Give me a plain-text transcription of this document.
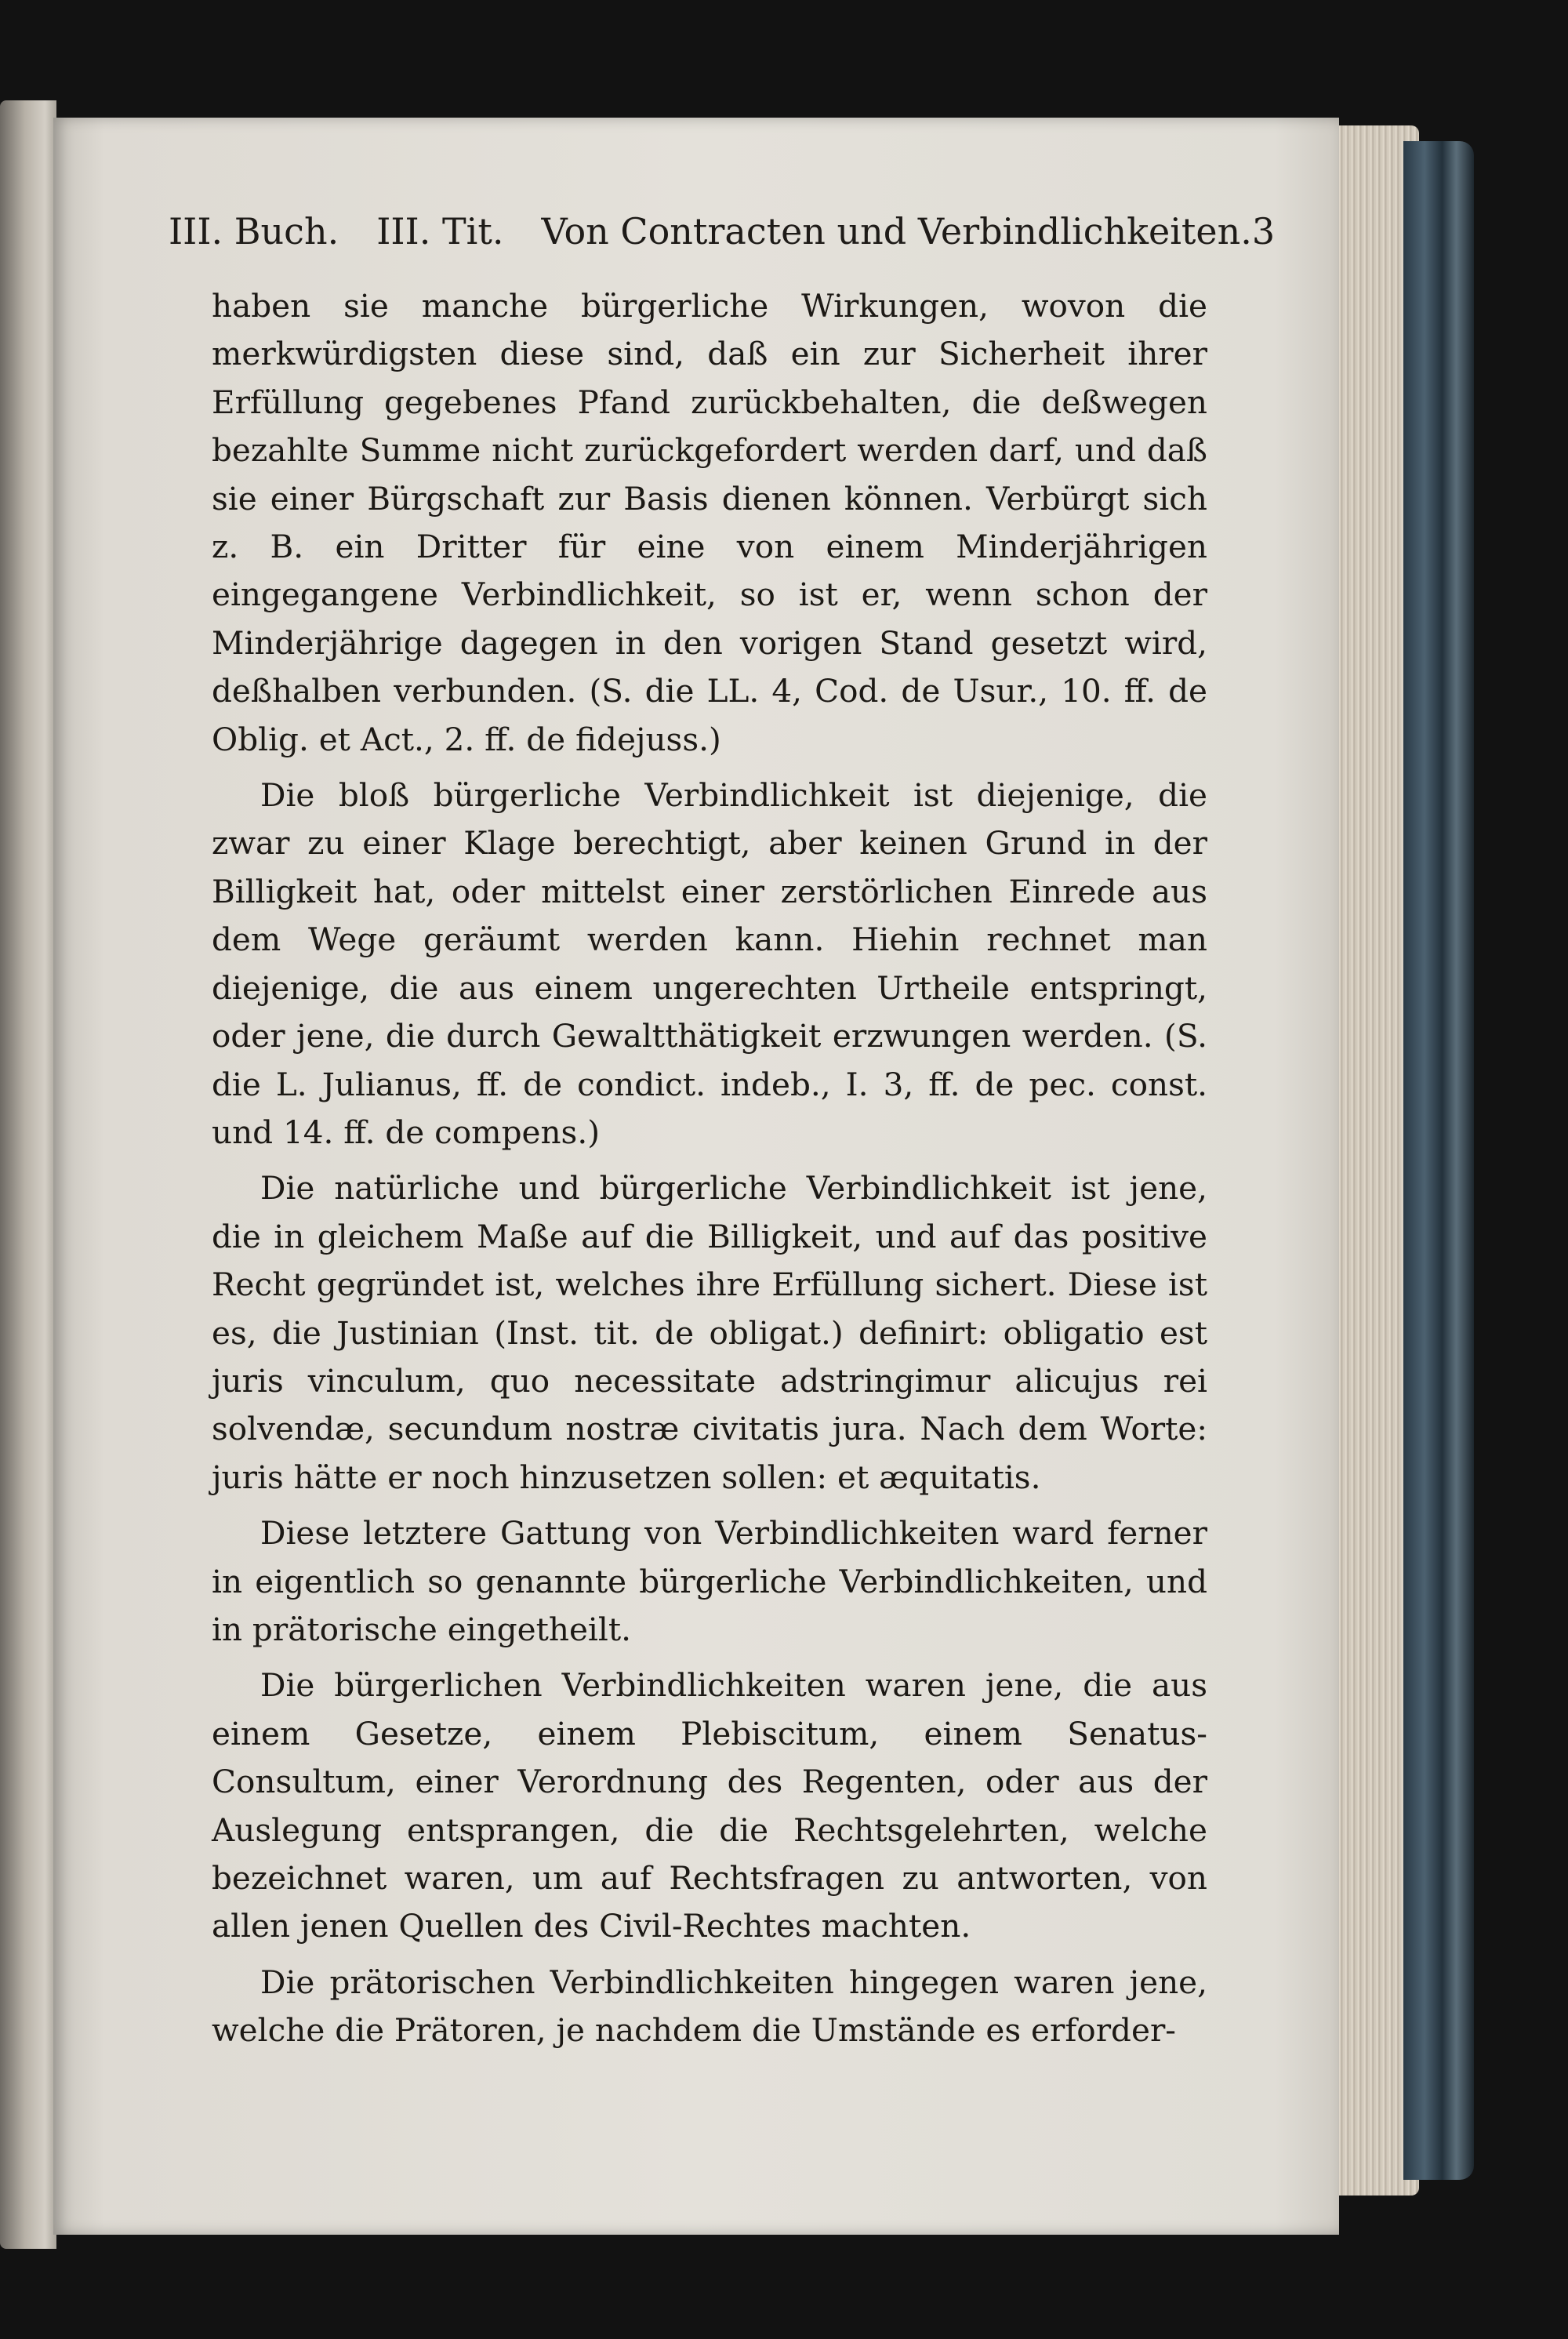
III. Buch. III. Tit. Von Contracten und Verbindlichkeiten. 3

haben sie manche bürgerliche Wirkungen, wovon die merkwürdigsten diese sind, daß ein zur Sicherheit ihrer Erfüllung gegebenes Pfand zurückbehalten, die deßwegen bezahlte Summe nicht zurückgefordert werden darf, und daß sie einer Bürgschaft zur Basis dienen können. Verbürgt sich z. B. ein Dritter für eine von einem Minderjährigen eingegangene Verbindlichkeit, so ist er, wenn schon der Minderjährige dagegen in den vorigen Stand gesetzt wird, deßhalben verbunden. (S. die LL. 4, Cod. de Usur., 10. ff. de Oblig. et Act., 2. ff. de fidejuss.)

Die bloß bürgerliche Verbindlichkeit ist diejenige, die zwar zu einer Klage berechtigt, aber keinen Grund in der Billigkeit hat, oder mittelst einer zerstörlichen Einrede aus dem Wege geräumt werden kann. Hiehin rechnet man diejenige, die aus einem ungerechten Urtheile entspringt, oder jene, die durch Gewaltthätigkeit erzwungen werden. (S. die L. Julianus, ff. de condict. indeb., I. 3, ff. de pec. const. und 14. ff. de compens.)

Die natürliche und bürgerliche Verbindlichkeit ist jene, die in gleichem Maße auf die Billigkeit, und auf das positive Recht gegründet ist, welches ihre Erfüllung sichert. Diese ist es, die Justinian (Inst. tit. de obligat.) definirt: obligatio est juris vinculum, quo necessitate adstringimur alicujus rei solvendæ, secundum nostræ civitatis jura. Nach dem Worte: juris hätte er noch hinzusetzen sollen: et æquitatis.

Diese letztere Gattung von Verbindlichkeiten ward ferner in eigentlich so genannte bürgerliche Verbindlichkeiten, und in prätorische eingetheilt.

Die bürgerlichen Verbindlichkeiten waren jene, die aus einem Gesetze, einem Plebiscitum, einem Senatus-Consultum, einer Verordnung des Regenten, oder aus der Auslegung entsprangen, die die Rechtsgelehrten, welche bezeichnet waren, um auf Rechtsfragen zu antworten, von allen jenen Quellen des Civil-Rechtes machten.

Die prätorischen Verbindlichkeiten hingegen waren jene, welche die Prätoren, je nachdem die Umstände es erforder-
